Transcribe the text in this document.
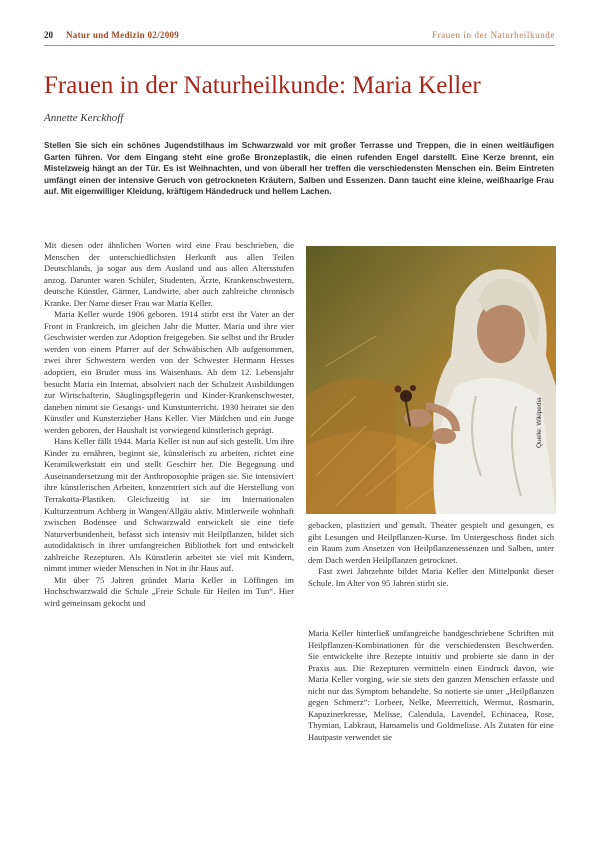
20 Natur und Medizin 02/2009	Frauen in der Naturheilkunde
Frauen in der Naturheilkunde: Maria Keller
Annette Kerckhoff

Stellen Sie sich ein schönes Jugendstilhaus im Schwarzwald vor mit großer Terrasse und Treppen, die in einen weitläufigen Garten führen. Vor dem Eingang steht eine große Bronzeplastik, die einen rufenden Engel darstellt. Eine Kerze brennt, ein Mistelzweig hängt an der Tür. Es ist Weihnachten, und von überall her treffen die verschiedensten Menschen ein. Beim Eintreten umfängt einen der intensive Geruch von getrockneten Kräutern, Salben und Essenzen. Dann taucht eine kleine, weißhaarige Frau auf. Mit eigenwilliger Kleidung, kräftigem Händedruck und hellem Lachen.

Mit diesen oder ähnlichen Worten wird eine Frau beschrieben, die Menschen der unterschiedlichsten Herkunft aus allen Teilen Deutschlands, ja sogar aus dem Ausland und aus allen Altersstufen anzog. Darunter waren Schüler, Studenten, Ärzte, Krankenschwestern, deutsche Künstler, Gärtner, Landwirte, aber auch zahlreiche chronisch Kranke. Der Name dieser Frau war Maria Keller.

Maria Keller wurde 1906 geboren. 1914 stirbt erst ihr Vater an der Front in Frankreich, im gleichen Jahr die Mutter. Maria und ihre vier Geschwister werden zur Adoption freigegeben. Sie selbst und ihr Bruder werden von einem Pfarrer auf der Schwäbischen Alb aufgenommen, zwei ihrer Schwestern werden von der Schwester Hermann Hesses adoptiert, ein Bruder muss ins Waisenhaus. Ab dem 12. Lebensjahr besucht Maria ein Internat, absolviert nach der Schulzeit Ausbildungen zur Wirtschafterin, Säuglingspflegerin und Kinder-Krankenschwester, daneben nimmt sie Gesangs- und Kunstunterricht. 1930 heiratet sie den Künstler und Kunsterzieher Hans Keller. Vier Mädchen und ein Junge werden geboren, der Haushalt ist vorwiegend künstlerisch geprägt.

Hans Keller fällt 1944. Maria Keller ist nun auf sich gestellt. Um ihre Kinder zu ernähren, beginnt sie, künstlerisch zu arbeiten, richtet eine Keramikwerkstatt ein und stellt Geschirr her. Die Begegnung und Auseinandersetzung mit der Anthroposophie prägen sie. Sie intensiviert ihre künstlerischen Arbeiten, konzentriert sich auf die Herstellung von Terrakotta-Plastiken. Gleichzeitig ist sie im Internationalen Kulturzentrum Achberg in Wangen/Allgäu aktiv. Mittlerweile wohnhaft zwischen Bodensee und Schwarzwald entwickelt sie eine tiefe Naturverbundenheit, befasst sich intensiv mit Heilpflanzen, bildet sich autodidaktisch in ihrer umfangreichen Bibliothek fort und entwickelt zahlreiche Rezepturen. Als Künstlerin arbeitet sie viel mit Kindern, nimmt immer wieder Menschen in Not in ihr Haus auf.

Mit über 75 Jahren gründet Maria Keller in Löffingen im Hochschwarzwald die Schule „Freie Schule für Heilen im Tun“. Hier wird gemeinsam gekocht und

Quelle: Wikipedia

gebacken, plastiziert und gemalt. Theater gespielt und gesungen, es gibt Lesungen und Heilpflanzen-Kurse. Im Untergeschoss findet sich ein Raum zum Ansetzen von Heilpflanzenessenzen und Salben, unter dem Dach werden Heilpflanzen getrocknet.

Fast zwei Jahrzehnte bildet Maria Keller den Mittelpunkt dieser Schule. Im Alter von 95 Jahren stirbt sie.

Maria Keller hinterließ umfangreiche handgeschriebene Schriften mit Heilpflanzen-Kombinationen für die verschiedensten Beschwerden. Sie entwickelte ihre Rezepte intuitiv und probierte sie dann in der Praxis aus. Die Rezepturen vermitteln einen Eindruck davon, wie Maria Keller vorging, wie sie stets den ganzen Menschen erfasste und nicht nur das Symptom behandelte. So notierte sie unter „Heilpflanzen gegen Schmerz“: Lorbeer, Nelke, Meerrettich, Wermut, Rosmarin, Kapuzinerkresse, Melisse, Calendula, Lavendel, Echinacea, Rose, Thymian, Labkraut, Hamamelis und Goldmelisse. Als Zutaten für eine Hautpaste verwendet sie
